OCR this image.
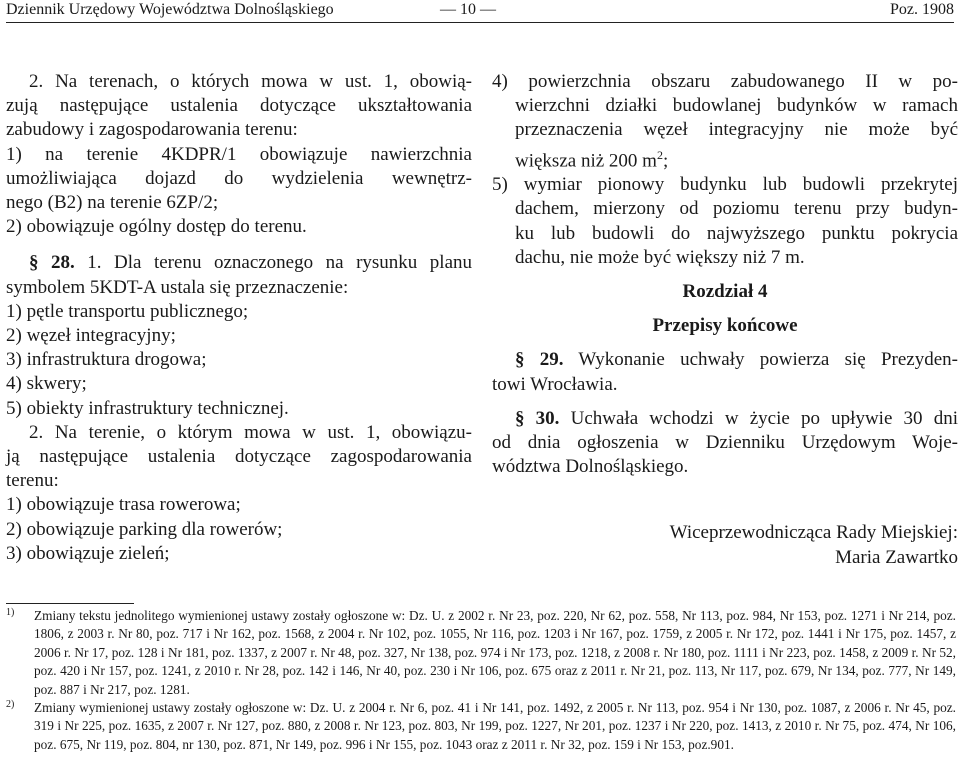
Dziennik Urzędowy Województwa Dolnośląskiego	— 10 —	Poz. 1908

2. Na terenach, o których mowa w ust. 1, obowią-

zują następujące ustalenia dotyczące ukształtowania

zabudowy i zagospodarowania terenu:

1) na terenie 4KDPR/1 obowiązuje nawierzchnia

umożliwiająca dojazd do wydzielenia wewnętrz-

nego (B2) na terenie 6ZP/2;

2) obowiązuje ogólny dostęp do terenu.

§ 28. 1. Dla terenu oznaczonego na rysunku planu

symbolem 5KDT-A ustala się przeznaczenie:

1) pętle transportu publicznego;

2) węzeł integracyjny;

3) infrastruktura drogowa;

4) skwery;

5) obiekty infrastruktury technicznej.

2. Na terenie, o którym mowa w ust. 1, obowiązu-

ją następujące ustalenia dotyczące zagospodarowania

terenu:

1) obowiązuje trasa rowerowa;

2) obowiązuje parking dla rowerów;

3) obowiązuje zieleń;

4) powierzchnia obszaru zabudowanego II w po-

wierzchni działki budowlanej budynków w ramach

przeznaczenia węzeł integracyjny nie może być

większa niż 200 $m^2$;

5) wymiar pionowy budynku lub budowli przekrytej

dachem, mierzony od poziomu terenu przy budyn-

ku lub budowli do najwyższego punktu pokrycia

dachu, nie może być większy niż 7 m.

Rozdział 4

Przepisy końcowe

§ 29. Wykonanie uchwały powierza się Prezyden-

towi Wrocławia.

§ 30. Uchwała wchodzi w życie po upływie 30 dni

od dnia ogłoszenia w Dzienniku Urzędowym Woje-

wództwa Dolnośląskiego.

Wiceprzewodnicząca Rady Miejskiej:

Maria Zawartko

1) Zmiany tekstu jednolitego wymienionej ustawy zostały ogłoszone w: Dz. U. z 2002 r. Nr 23, poz. 220, Nr 62, poz. 558, Nr 113, poz. 984, Nr 153, poz. 1271 i Nr 214, poz. 1806, z 2003 r. Nr 80, poz. 717 i Nr 162, poz. 1568, z 2004 r. Nr 102, poz. 1055, Nr 116, poz. 1203 i Nr 167, poz. 1759, z 2005 r. Nr 172, poz. 1441 i Nr 175, poz. 1457, z 2006 r. Nr 17, poz. 128 i Nr 181, poz. 1337, z 2007 r. Nr 48, poz. 327, Nr 138, poz. 974 i Nr 173, poz. 1218, z 2008 r. Nr 180, poz. 1111 i Nr 223, poz. 1458, z 2009 r. Nr 52, poz. 420 i Nr 157, poz. 1241, z 2010 r. Nr 28, poz. 142 i 146, Nr 40, poz. 230 i Nr 106, poz. 675 oraz z 2011 r. Nr 21, poz. 113, Nr 117, poz. 679, Nr 134, poz. 777, Nr 149, poz. 887 i Nr 217, poz. 1281.
2) Zmiany wymienionej ustawy zostały ogłoszone w: Dz. U. z 2004 r. Nr 6, poz. 41 i Nr 141, poz. 1492, z 2005 r. Nr 113, poz. 954 i Nr 130, poz. 1087, z 2006 r. Nr 45, poz. 319 i Nr 225, poz. 1635, z 2007 r. Nr 127, poz. 880, z 2008 r. Nr 123, poz. 803, Nr 199, poz. 1227, Nr 201, poz. 1237 i Nr 220, poz. 1413, z 2010 r. Nr 75, poz. 474, Nr 106, poz. 675, Nr 119, poz. 804, nr 130, poz. 871, Nr 149, poz. 996 i Nr 155, poz. 1043 oraz z 2011 r. Nr 32, poz. 159 i Nr 153, poz.901.
